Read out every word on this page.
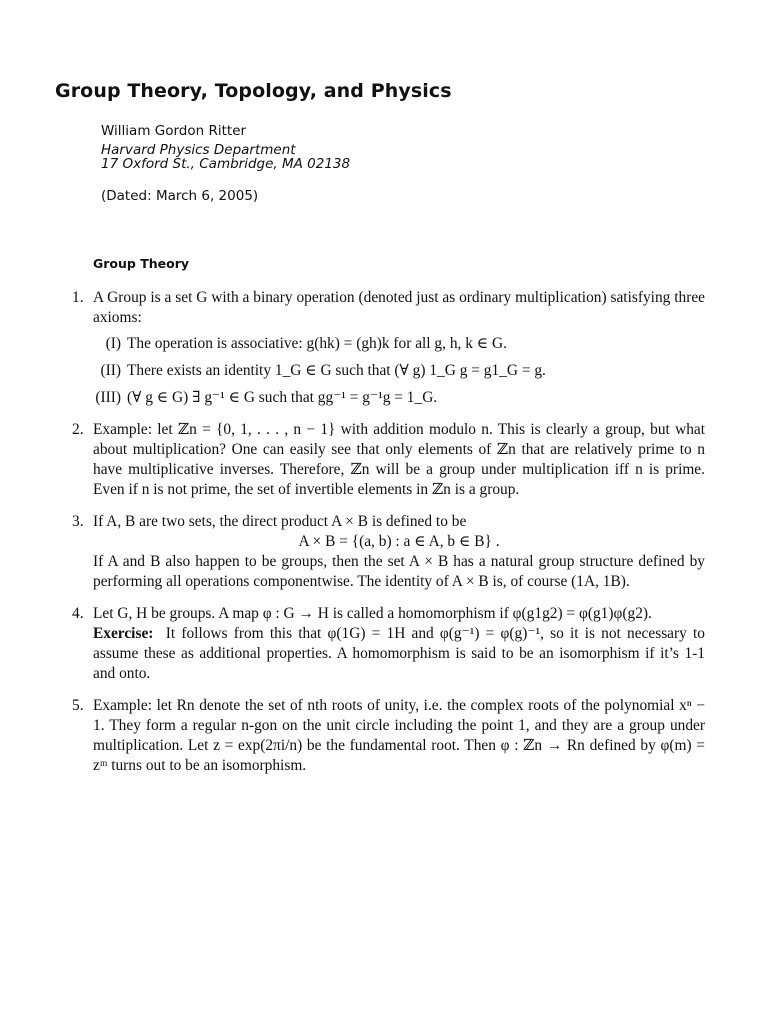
Group Theory, Topology, and Physics

William Gordon Ritter

Harvard Physics Department
17 Oxford St., Cambridge, MA 02138

(Dated: March 6, 2005)

Group Theory
1. A Group is a set G with a binary operation (denoted just as ordinary multiplication) satisfying three axioms:

(I) The operation is associative: g(hk) = (gh)k for all g, h, k ∈ G.
(II) There exists an identity 1_G ∈ G such that (∀ g) 1_G g = g1_G = g.
(III) (∀ g ∈ G) ∃ g⁻¹ ∈ G such that gg⁻¹ = g⁻¹g = 1_G.
2. Example: let ℤn = {0, 1, . . . , n − 1} with addition modulo n. This is clearly a group, but what about multiplication? One can easily see that only elements of ℤn that are relatively prime to n have multiplicative inverses. Therefore, ℤn will be a group under multiplication iff n is prime. Even if n is not prime, the set of invertible elements in ℤn is a group.

3. If A, B are two sets, the direct product A × B is defined to be

A × B = {(a, b) : a ∈ A, b ∈ B} .

If A and B also happen to be groups, then the set A × B has a natural group structure defined by performing all operations componentwise. The identity of A × B is, of course (1A, 1B).

4. Let G, H be groups. A map φ : G → H is called a homomorphism if φ(g1g2) = φ(g1)φ(g2).

Exercise: It follows from this that φ(1G) = 1H and φ(g⁻¹) = φ(g)⁻¹, so it is not necessary to assume these as additional properties. A homomorphism is said to be an isomorphism if it’s 1-1 and onto.

5. Example: let Rn denote the set of nth roots of unity, i.e. the complex roots of the polynomial xⁿ − 1. They form a regular n-gon on the unit circle including the point 1, and they are a group under multiplication. Let z = exp(2πi/n) be the fundamental root. Then φ : ℤn → Rn defined by φ(m) = zᵐ turns out to be an isomorphism.
